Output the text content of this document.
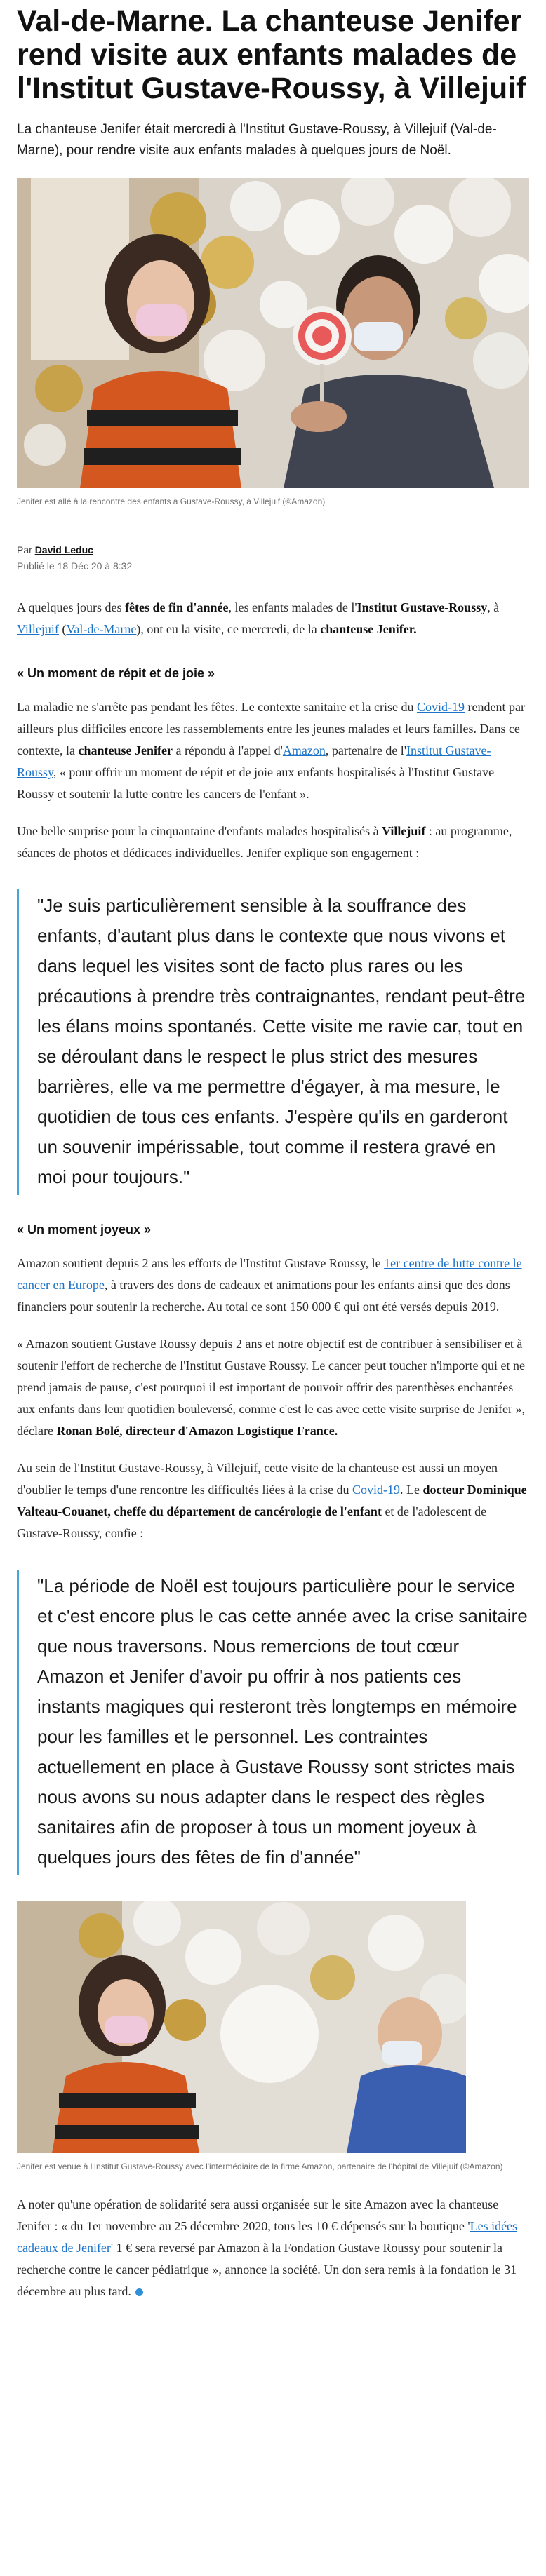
Val-de-Marne. La chanteuse Jenifer rend visite aux enfants malades de l'Institut Gustave-Roussy, à Villejuif

La chanteuse Jenifer était mercredi à l'Institut Gustave-Roussy, à Villejuif (Val-de-Marne), pour rendre visite aux enfants malades à quelques jours de Noël.

Jenifer est allé à la rencontre des enfants à Gustave-Roussy, à Villejuif (©Amazon)

Par David Leduc
Publié le 18 Déc 20 à 8:32

A quelques jours des fêtes de fin d'année, les enfants malades de l'Institut Gustave-Roussy, à Villejuif (Val-de-Marne), ont eu la visite, ce mercredi, de la chanteuse Jenifer.

« Un moment de répit et de joie »

La maladie ne s'arrête pas pendant les fêtes. Le contexte sanitaire et la crise du Covid-19 rendent par ailleurs plus difficiles encore les rassemblements entre les jeunes malades et leurs familles. Dans ce contexte, la chanteuse Jenifer a répondu à l'appel d'Amazon, partenaire de l'Institut Gustave-Roussy, « pour offrir un moment de répit et de joie aux enfants hospitalisés à l'Institut Gustave Roussy et soutenir la lutte contre les cancers de l'enfant ».

Une belle surprise pour la cinquantaine d'enfants malades hospitalisés à Villejuif : au programme, séances de photos et dédicaces individuelles. Jenifer explique son engagement :

"Je suis particulièrement sensible à la souffrance des enfants, d'autant plus dans le contexte que nous vivons et dans lequel les visites sont de facto plus rares ou les précautions à prendre très contraignantes, rendant peut-être les élans moins spontanés. Cette visite me ravie car, tout en se déroulant dans le respect le plus strict des mesures barrières, elle va me permettre d'égayer, à ma mesure, le quotidien de tous ces enfants. J'espère qu'ils en garderont un souvenir impérissable, tout comme il restera gravé en moi pour toujours."
« Un moment joyeux »

Amazon soutient depuis 2 ans les efforts de l'Institut Gustave Roussy, le 1er centre de lutte contre le cancer en Europe, à travers des dons de cadeaux et animations pour les enfants ainsi que des dons financiers pour soutenir la recherche. Au total ce sont 150 000 € qui ont été versés depuis 2019.

« Amazon soutient Gustave Roussy depuis 2 ans et notre objectif est de contribuer à sensibiliser et à soutenir l'effort de recherche de l'Institut Gustave Roussy. Le cancer peut toucher n'importe qui et ne prend jamais de pause, c'est pourquoi il est important de pouvoir offrir des parenthèses enchantées aux enfants dans leur quotidien bouleversé, comme c'est le cas avec cette visite surprise de Jenifer », déclare Ronan Bolé, directeur d'Amazon Logistique France.

Au sein de l'Institut Gustave-Roussy, à Villejuif, cette visite de la chanteuse est aussi un moyen d'oublier le temps d'une rencontre les difficultés liées à la crise du Covid-19. Le docteur Dominique Valteau-Couanet, cheffe du département de cancérologie de l'enfant et de l'adolescent de Gustave-Roussy, confie :

"La période de Noël est toujours particulière pour le service et c'est encore plus le cas cette année avec la crise sanitaire que nous traversons. Nous remercions de tout cœur Amazon et Jenifer d'avoir pu offrir à nos patients ces instants magiques qui resteront très longtemps en mémoire pour les familles et le personnel. Les contraintes actuellement en place à Gustave Roussy sont strictes mais nous avons su nous adapter dans le respect des règles sanitaires afin de proposer à tous un moment joyeux à quelques jours des fêtes de fin d'année"

Jenifer est venue à l'Institut Gustave-Roussy avec l'intermédiaire de la firme Amazon, partenaire de l'hôpital de Villejuif (©Amazon)

A noter qu'une opération de solidarité sera aussi organisée sur le site Amazon avec la chanteuse Jenifer : « du 1er novembre au 25 décembre 2020, tous les 10 € dépensés sur la boutique 'Les idées cadeaux de Jenifer' 1 € sera reversé par Amazon à la Fondation Gustave Roussy pour soutenir la recherche contre le cancer pédiatrique », annonce la société. Un don sera remis à la fondation le 31 décembre au plus tard.
